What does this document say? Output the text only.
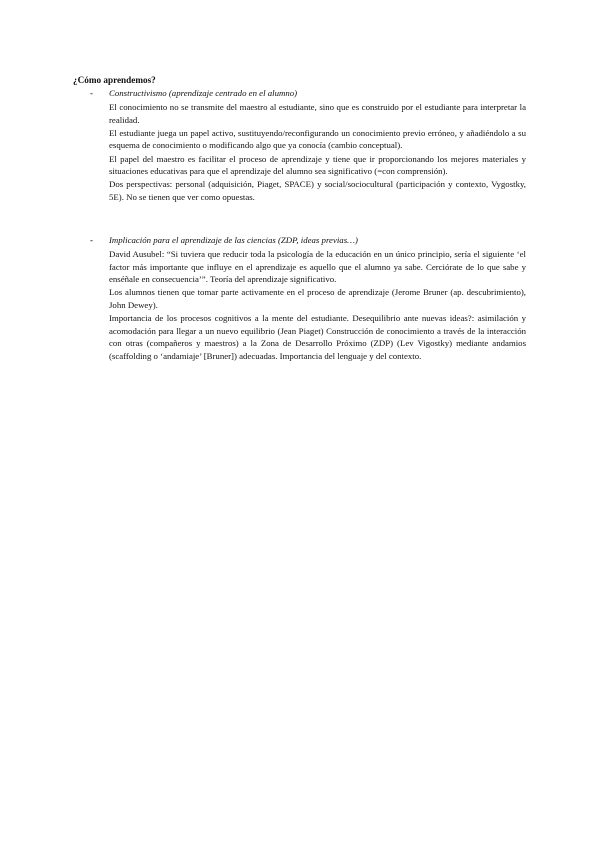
¿Cómo aprendemos?
- Constructivismo (aprendizaje centrado en el alumno)

El conocimiento no se transmite del maestro al estudiante, sino que es construido por el estudiante para interpretar la realidad.

El estudiante juega un papel activo, sustituyendo/reconfigurando un conocimiento previo erróneo, y añadiéndolo a su esquema de conocimiento o modificando algo que ya conocía (cambio conceptual).

El papel del maestro es facilitar el proceso de aprendizaje y tiene que ir proporcionando los mejores materiales y situaciones educativas para que el aprendizaje del alumno sea significativo (=con comprensión).

Dos perspectivas: personal (adquisición, Piaget, SPACE) y social/sociocultural (participación y contexto, Vygostky, 5E). No se tienen que ver como opuestas.

- Implicación para el aprendizaje de las ciencias (ZDP, ideas previas…)

David Ausubel: “Si tuviera que reducir toda la psicología de la educación en un único principio, sería el siguiente ‘el factor más importante que influye en el aprendizaje es aquello que el alumno ya sabe. Cerciórate de lo que sabe y enséñale en consecuencia’”. Teoría del aprendizaje significativo.

Los alumnos tienen que tomar parte activamente en el proceso de aprendizaje (Jerome Bruner (ap. descubrimiento), John Dewey).

Importancia de los procesos cognitivos a la mente del estudiante. Desequilibrio ante nuevas ideas?: asimilación y acomodación para llegar a un nuevo equilibrio (Jean Piaget) Construcción de conocimiento a través de la interacción con otras (compañeros y maestros) a la Zona de Desarrollo Próximo (ZDP) (Lev Vigostky) mediante andamios (scaffolding o ‘andamiaje’ [Bruner]) adecuadas. Importancia del lenguaje y del contexto.
